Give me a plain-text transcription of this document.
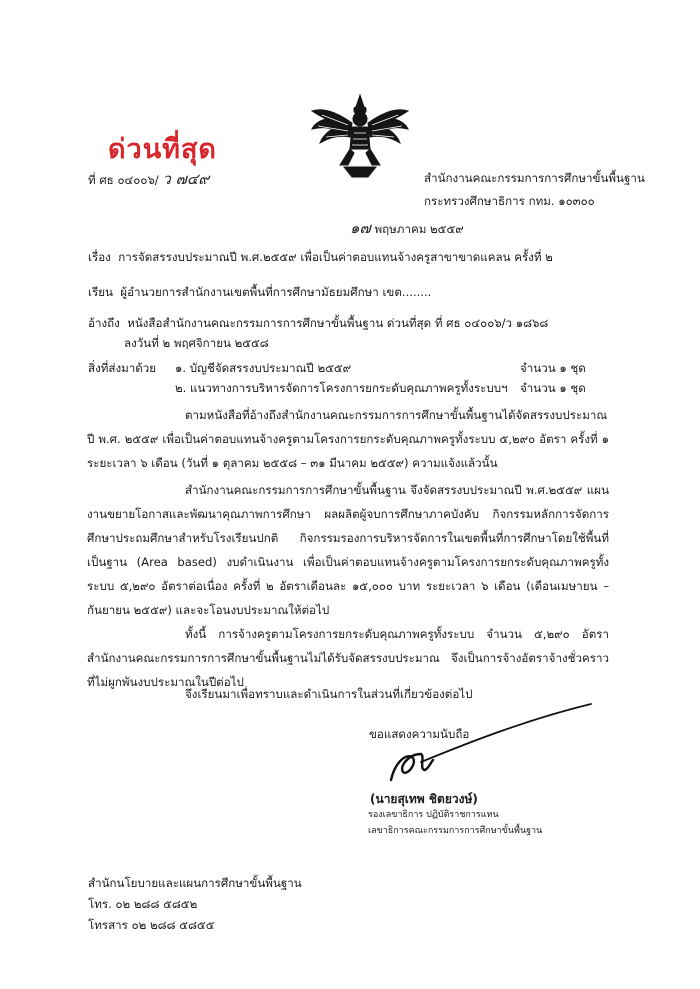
ด่วนที่สุด
ที่ ศธ ๐๔๐๐๖/ ว ๗๔๙	สำนักงานคณะกรรมการการศึกษาขั้นพื้นฐาน
กระทรวงศึกษาธิการ กทม. ๑๐๓๐๐
๑๗ พฤษภาคม ๒๕๕๙
เรื่อง การจัดสรรงบประมาณปี พ.ศ.๒๕๕๙ เพื่อเป็นค่าตอบแทนจ้างครูสาขาขาดแคลน ครั้งที่ ๒
เรียน ผู้อำนวยการสำนักงานเขตพื้นที่การศึกษามัธยมศึกษา เขต........
อ้างถึง หนังสือสำนักงานคณะกรรมการการศึกษาขั้นพื้นฐาน ด่วนที่สุด ที่ ศธ ๐๔๐๐๖/ว ๑๘๖๘
ลงวันที่ ๒ พฤศจิกายน ๒๕๕๘
สิ่งที่ส่งมาด้วย ๑. บัญชีจัดสรรงบประมาณปี ๒๕๕๙	จำนวน ๑ ชุด
๒. แนวทางการบริหารจัดการโครงการยกระดับคุณภาพครูทั้งระบบฯ จำนวน ๑ ชุด
ตามหนังสือที่อ้างถึงสำนักงานคณะกรรมการการศึกษาขั้นพื้นฐานได้จัดสรรงบประมาณปี พ.ศ. ๒๕๕๙ เพื่อเป็นค่าตอบแทนจ้างครูตามโครงการยกระดับคุณภาพครูทั้งระบบ ๕,๒๙๐ อัตรา ครั้งที่ ๑ ระยะเวลา ๖ เดือน (วันที่ ๑ ตุลาคม ๒๕๕๘ – ๓๑ มีนาคม ๒๕๕๙) ความแจ้งแล้วนั้น
สำนักงานคณะกรรมการการศึกษาขั้นพื้นฐาน จึงจัดสรรงบประมาณปี พ.ศ.๒๕๕๙ แผนงานขยายโอกาสและพัฒนาคุณภาพการศึกษา ผลผลิตผู้จบการศึกษาภาคบังคับ กิจกรรมหลักการจัดการศึกษาประถมศึกษาสำหรับโรงเรียนปกติ กิจกรรมรองการบริหารจัดการในเขตพื้นที่การศึกษาโดยใช้พื้นที่เป็นฐาน (Area based) งบดำเนินงาน เพื่อเป็นค่าตอบแทนจ้างครูตามโครงการยกระดับคุณภาพครูทั้งระบบ ๕,๒๙๐ อัตราต่อเนื่อง ครั้งที่ ๒ อัตราเดือนละ ๑๕,๐๐๐ บาท ระยะเวลา ๖ เดือน (เดือนเมษายน – กันยายน ๒๕๕๙) และจะโอนงบประมาณให้ต่อไป
ทั้งนี้ การจ้างครูตามโครงการยกระดับคุณภาพครูทั้งระบบ จำนวน ๕,๒๙๐ อัตรา สำนักงานคณะกรรมการการศึกษาขั้นพื้นฐานไม่ได้รับจัดสรรงบประมาณ จึงเป็นการจ้างอัตราจ้างชั่วคราวที่ไม่ผูกพันงบประมาณในปีต่อไป
จึงเรียนมาเพื่อทราบและดำเนินการในส่วนที่เกี่ยวข้องต่อไป
ขอแสดงความนับถือ
(นายสุเทพ ชิตยวงษ์)
รองเลขาธิการ ปฏิบัติราชการแทน
เลขาธิการคณะกรรมการการศึกษาขั้นพื้นฐาน
สำนักนโยบายและแผนการศึกษาขั้นพื้นฐาน
โทร. ๐๒ ๒๘๘ ๕๘๕๒
โทรสาร ๐๒ ๒๘๘ ๕๘๕๕
